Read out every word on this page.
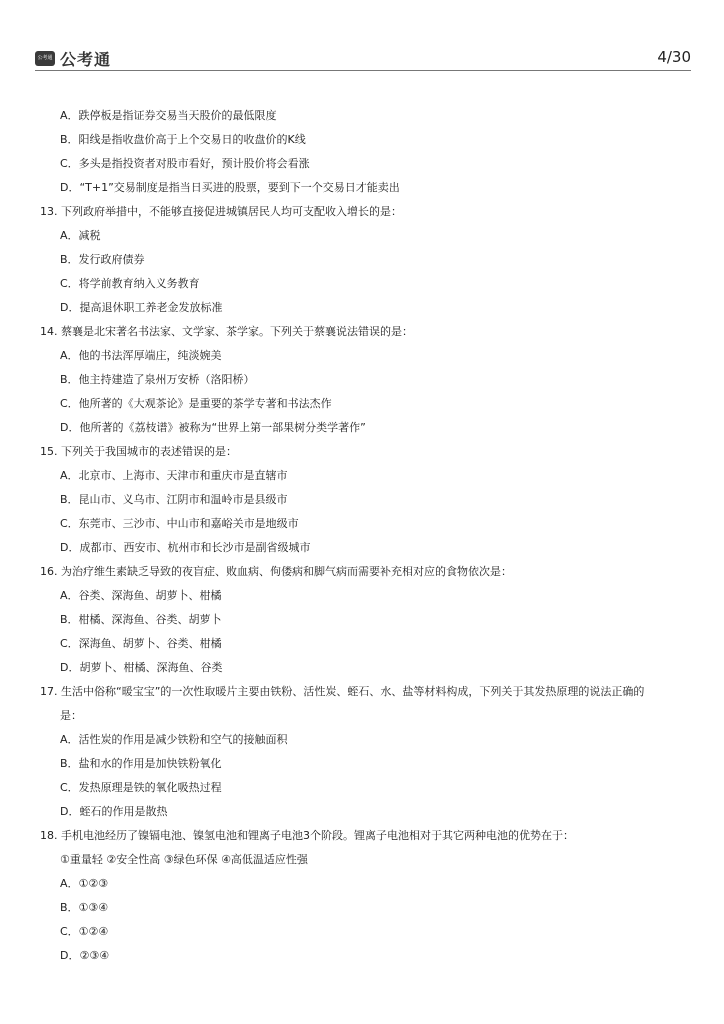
公考通 公考通	4/30
A．跌停板是指证券交易当天股价的最低限度
B．阳线是指收盘价高于上个交易日的收盘价的K线
C．多头是指投资者对股市看好，预计股价将会看涨
D．“T+1”交易制度是指当日买进的股票，要到下一个交易日才能卖出
13. 下列政府举措中，不能够直接促进城镇居民人均可支配收入增长的是：
A．减税
B．发行政府债券
C．将学前教育纳入义务教育
D．提高退休职工养老金发放标准
14. 蔡襄是北宋著名书法家、文学家、茶学家。下列关于蔡襄说法错误的是：
A．他的书法浑厚端庄，纯淡婉美
B．他主持建造了泉州万安桥（洛阳桥）
C．他所著的《大观茶论》是重要的茶学专著和书法杰作
D．他所著的《荔枝谱》被称为“世界上第一部果树分类学著作”
15. 下列关于我国城市的表述错误的是：
A．北京市、上海市、天津市和重庆市是直辖市
B．昆山市、义乌市、江阴市和温岭市是县级市
C．东莞市、三沙市、中山市和嘉峪关市是地级市
D．成都市、西安市、杭州市和长沙市是副省级城市
16. 为治疗维生素缺乏导致的夜盲症、败血病、佝偻病和脚气病而需要补充相对应的食物依次是：
A．谷类、深海鱼、胡萝卜、柑橘
B．柑橘、深海鱼、谷类、胡萝卜
C．深海鱼、胡萝卜、谷类、柑橘
D．胡萝卜、柑橘、深海鱼、谷类
17. 生活中俗称“暖宝宝”的一次性取暖片主要由铁粉、活性炭、蛭石、水、盐等材料构成，下列关于其发热原理的说法正确的
是：
A．活性炭的作用是减少铁粉和空气的接触面积
B．盐和水的作用是加快铁粉氧化
C．发热原理是铁的氧化吸热过程
D．蛭石的作用是散热
18. 手机电池经历了镍镉电池、镍氢电池和锂离子电池3个阶段。锂离子电池相对于其它两种电池的优势在于：
①重量轻 ②安全性高 ③绿色环保 ④高低温适应性强
A．①②③
B．①③④
C．①②④
D．②③④
